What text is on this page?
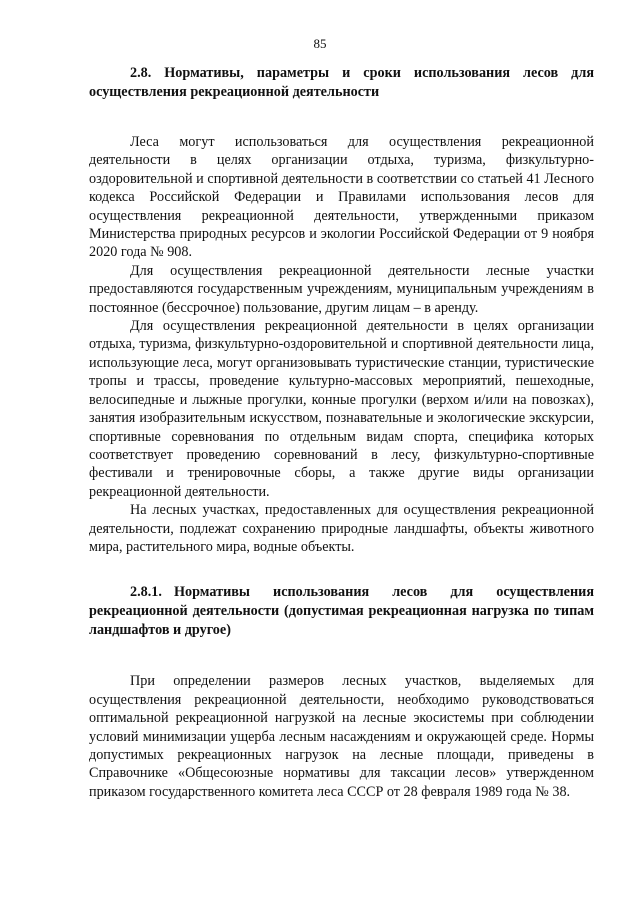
85
2.8. Нормативы, параметры и сроки использования лесов для осуществления рекреационной деятельности

Леса могут использоваться для осуществления рекреационной деятельности в целях организации отдыха, туризма, физкультурно-оздоровительной и спортивной деятельности в соответствии со статьей 41 Лесного кодекса Российской Федерации и Правилами использования лесов для осуществления рекреационной деятельности, утвержденными приказом Министерства природных ресурсов и экологии Российской Федерации от 9 ноября 2020 года № 908.

Для осуществления рекреационной деятельности лесные участки предоставляются государственным учреждениям, муниципальным учреждениям в постоянное (бессрочное) пользование, другим лицам – в аренду.

Для осуществления рекреационной деятельности в целях организации отдыха, туризма, физкультурно-оздоровительной и спортивной деятельности лица, использующие леса, могут организовывать туристические станции, туристические тропы и трассы, проведение культурно-массовых мероприятий, пешеходные, велосипедные и лыжные прогулки, конные прогулки (верхом и/или на повозках), занятия изобразительным искусством, познавательные и экологические экскурсии, спортивные соревнования по отдельным видам спорта, специфика которых соответствует проведению соревнований в лесу, физкультурно-спортивные фестивали и тренировочные сборы, а также другие виды организации рекреационной деятельности.

На лесных участках, предоставленных для осуществления рекреационной деятельности, подлежат сохранению природные ландшафты, объекты животного мира, растительного мира, водные объекты.

2.8.1. Нормативы использования лесов для осуществления рекреационной деятельности (допустимая рекреационная нагрузка по типам ландшафтов и другое)

При определении размеров лесных участков, выделяемых для осуществления рекреационной деятельности, необходимо руководствоваться оптимальной рекреационной нагрузкой на лесные экосистемы при соблюдении условий минимизации ущерба лесным насаждениям и окружающей среде. Нормы допустимых рекреационных нагрузок на лесные площади, приведены в Справочнике «Общесоюзные нормативы для таксации лесов» утвержденном приказом государственного комитета леса СССР от 28 февраля 1989 года № 38.
